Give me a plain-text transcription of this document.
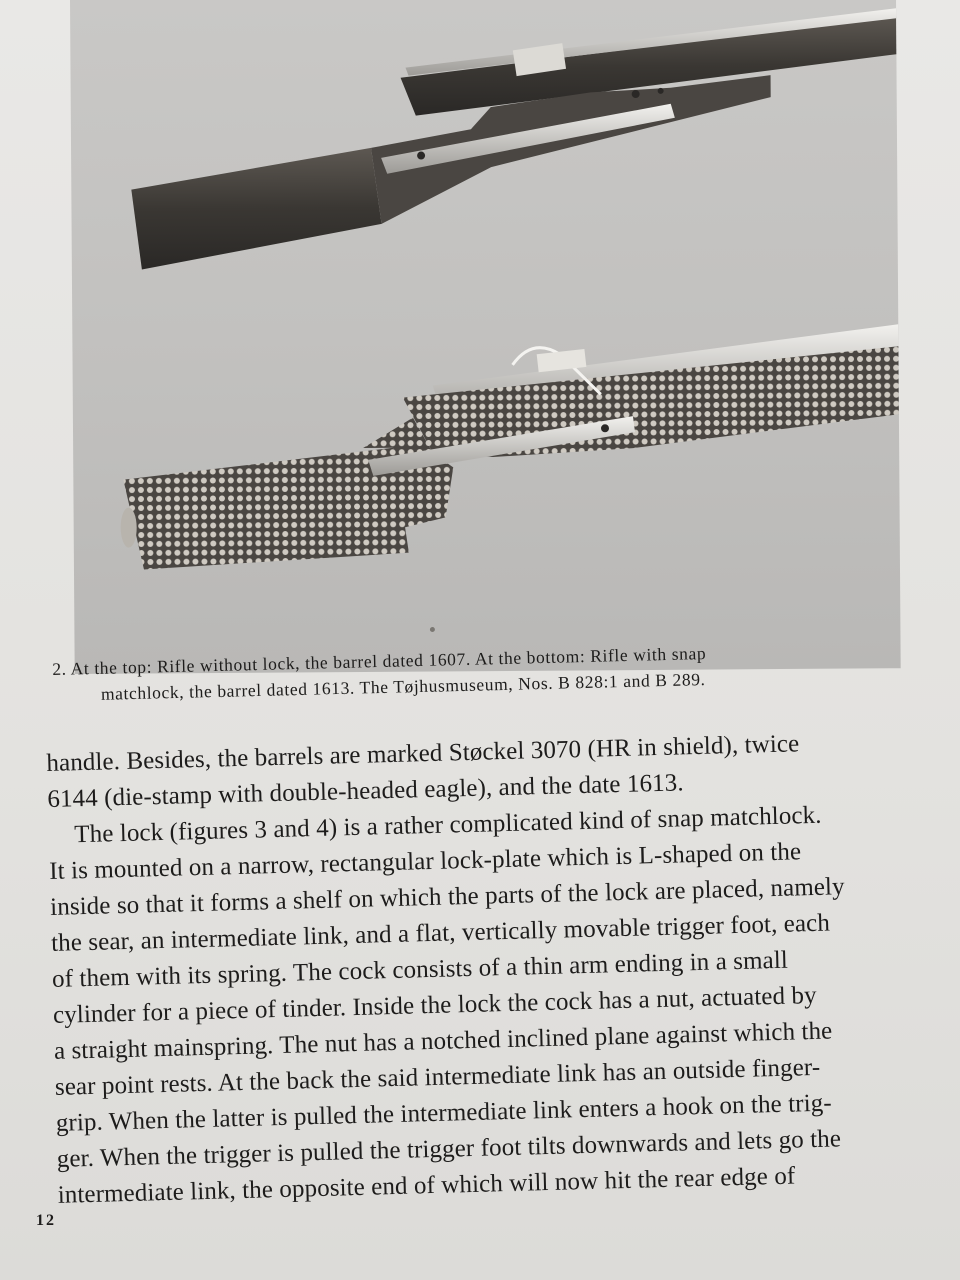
2. At the top: Rifle without lock, the barrel dated 1607. At the bottom: Rifle with snap
matchlock, the barrel dated 1613. The Tøjhusmuseum, Nos. B 828:1 and B 289.

handle. Besides, the barrels are marked Støckel 3070 (HR in shield), twice

6144 (die-stamp with double-headed eagle), and the date 1613.

The lock (figures 3 and 4) is a rather complicated kind of snap matchlock.

It is mounted on a narrow, rectangular lock-plate which is L-shaped on the

inside so that it forms a shelf on which the parts of the lock are placed, namely

the sear, an intermediate link, and a flat, vertically movable trigger foot, each

of them with its spring. The cock consists of a thin arm ending in a small

cylinder for a piece of tinder. Inside the lock the cock has a nut, actuated by

a straight mainspring. The nut has a notched inclined plane against which the

sear point rests. At the back the said intermediate link has an outside finger-

grip. When the latter is pulled the intermediate link enters a hook on the trig-

ger. When the trigger is pulled the trigger foot tilts downwards and lets go the

intermediate link, the opposite end of which will now hit the rear edge of

12
